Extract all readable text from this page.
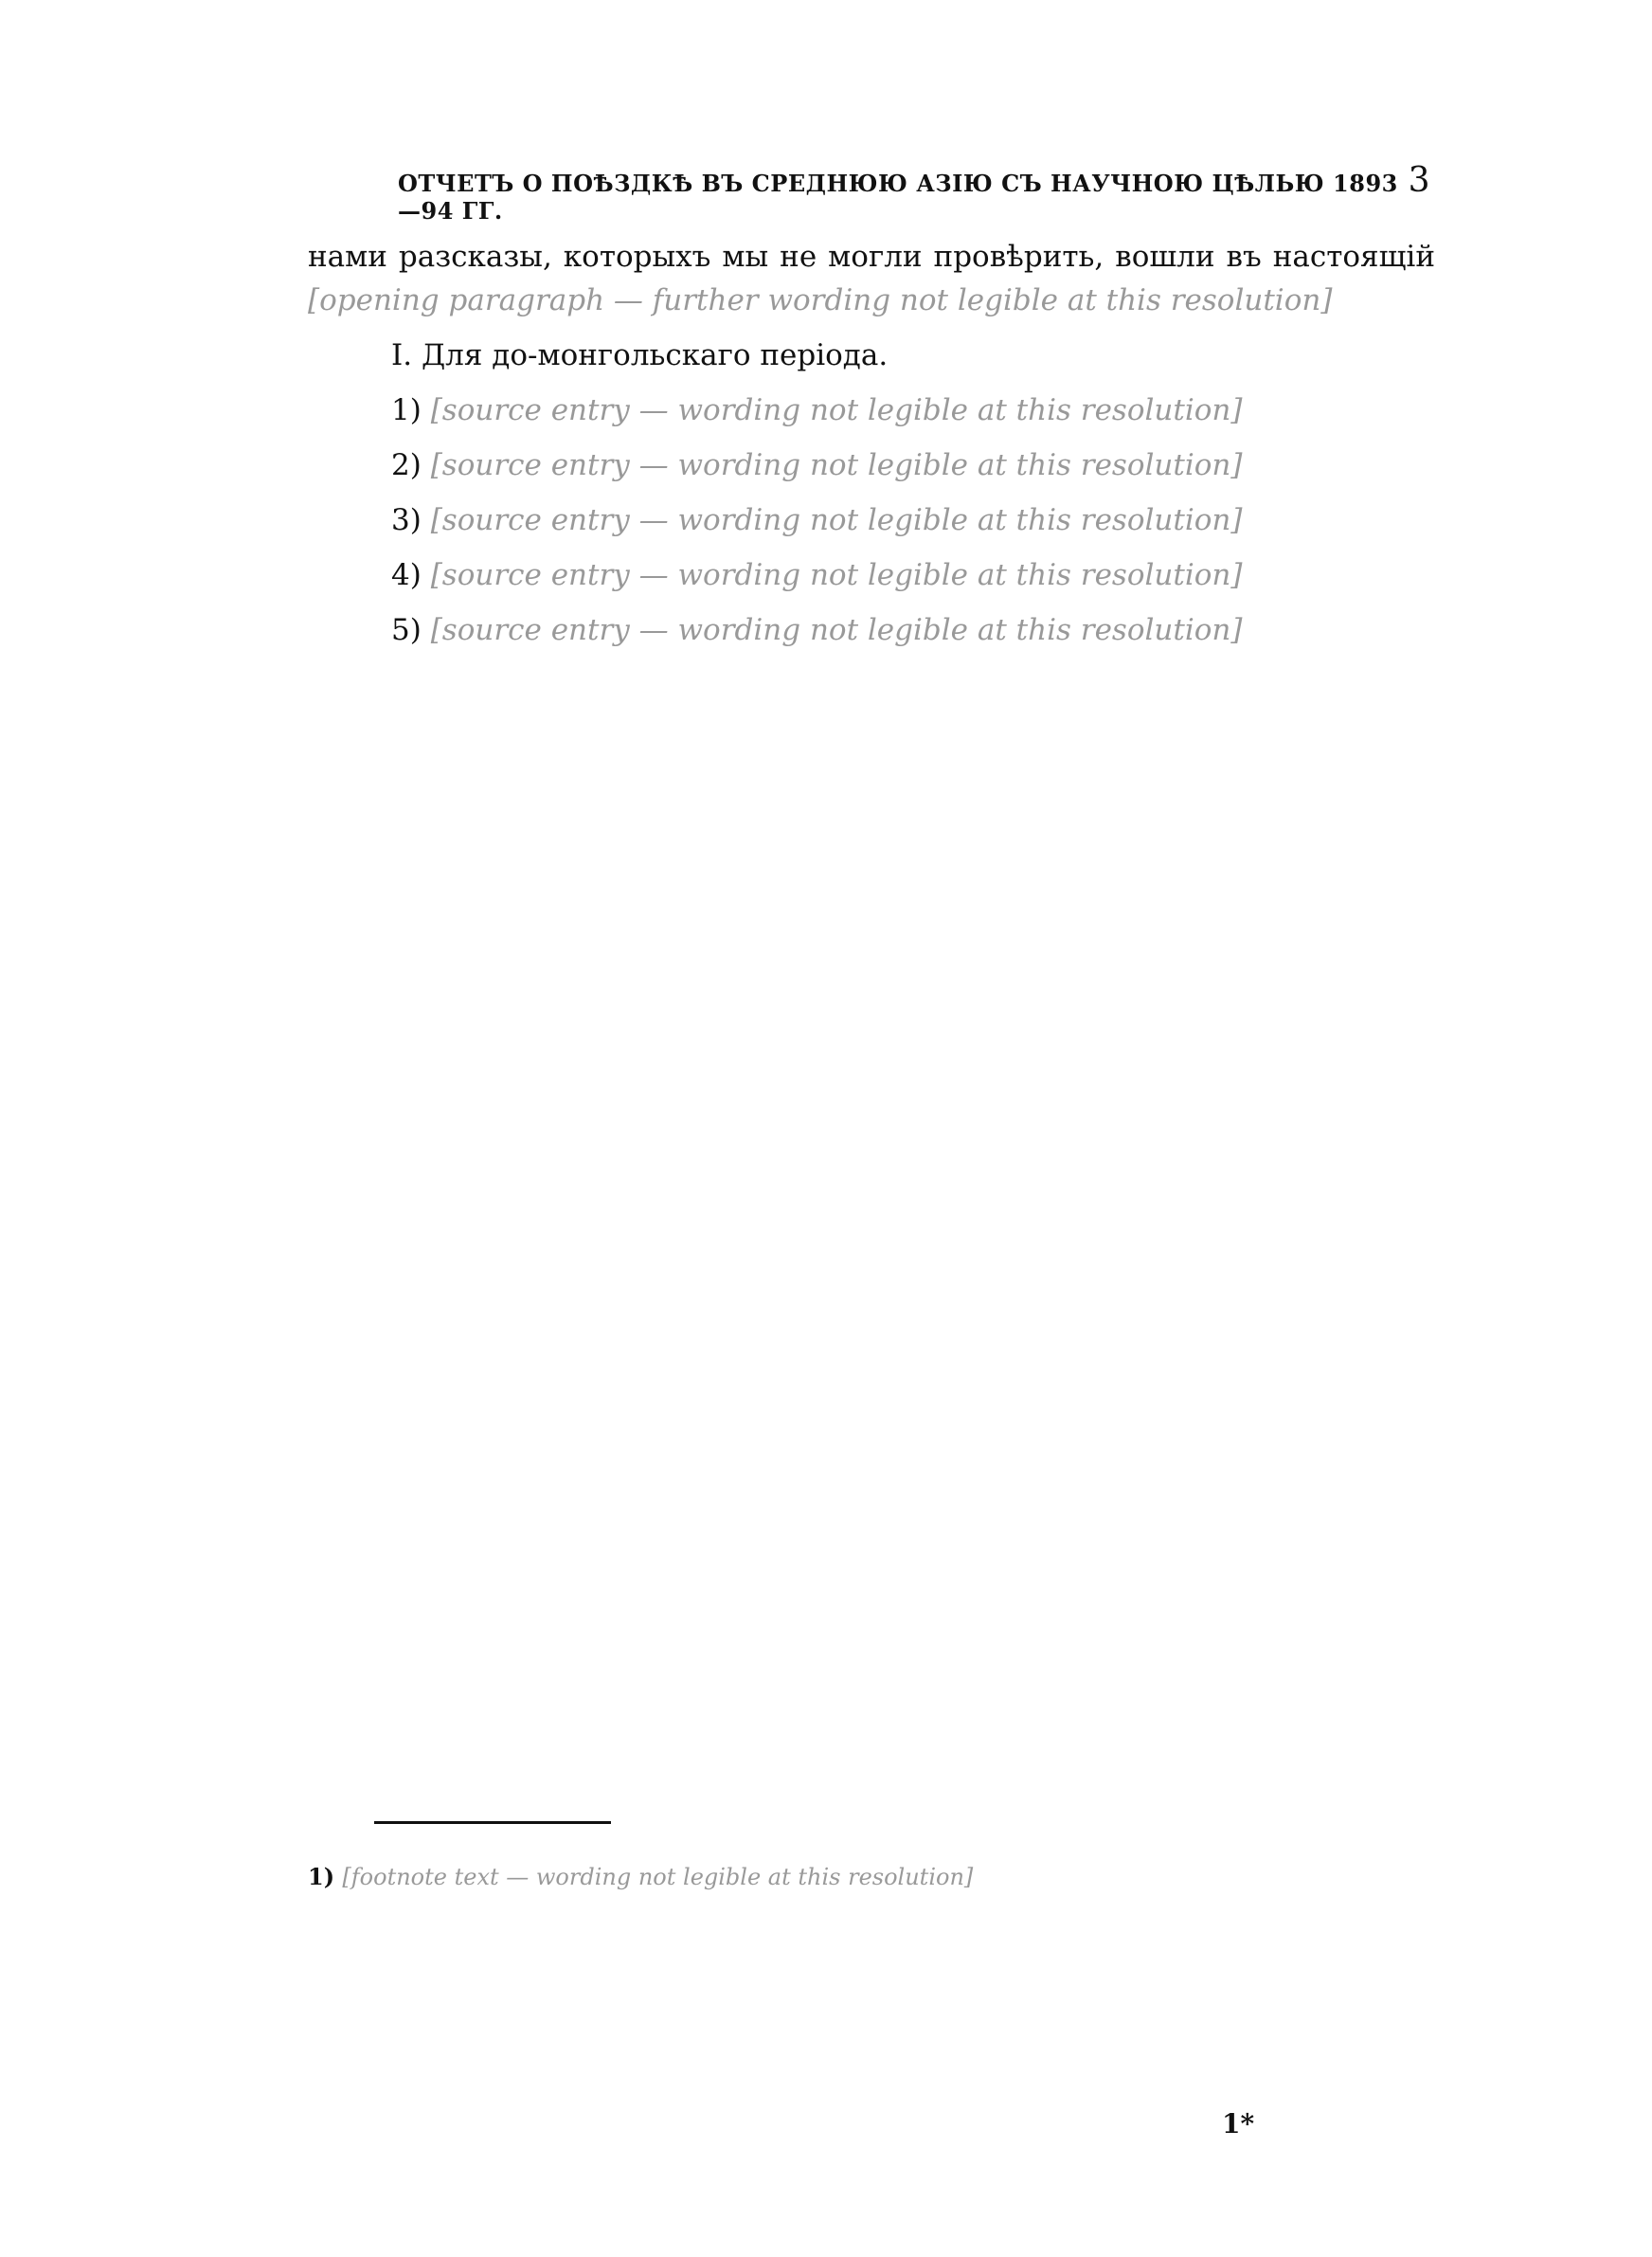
ОТЧЕТЪ О ПОѢЗДКѢ ВЪ СРЕДНЮЮ АЗІЮ СЪ НАУЧНОЮ ЦѢЛЬЮ 1893—94 ГГ.
3

нами разсказы, которыхъ мы не могли провѣрить, вошли въ настоящій [opening paragraph — further wording not legible at this resolution]

I. Для до-монгольскаго періода.

1) [source entry — wording not legible at this resolution]

2) [source entry — wording not legible at this resolution]

3) [source entry — wording not legible at this resolution]

4) [source entry — wording not legible at this resolution]

5) [source entry — wording not legible at this resolution]

1) [footnote text — wording not legible at this resolution]
1*
